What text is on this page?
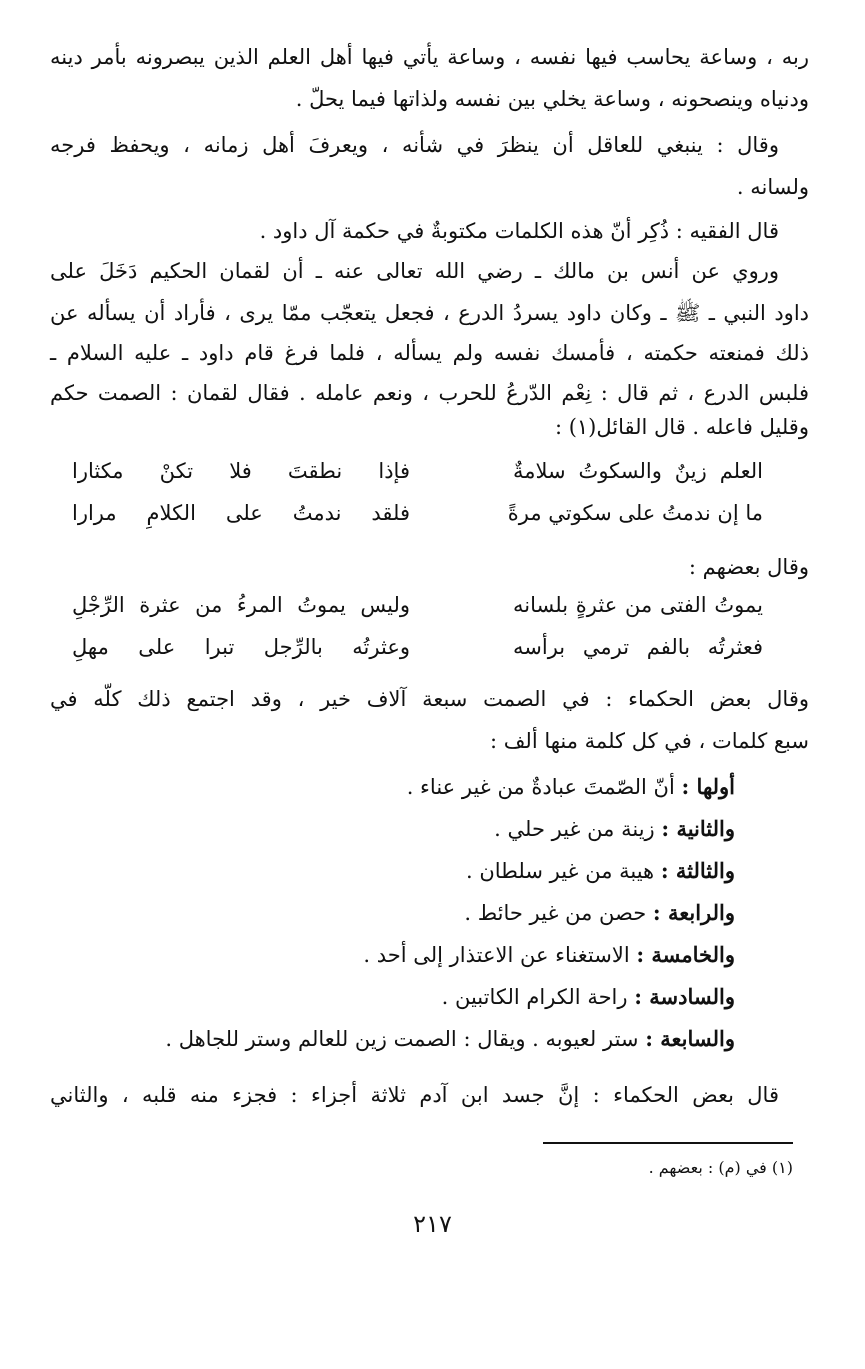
ربه ، وساعة يحاسب فيها نفسه ، وساعة يأتي فيها أهل العلم الذين يبصرونه بأمر دينه
ودنياه وينصحونه ، وساعة يخلي بين نفسه ولذاتها فيما يحلّ .
وقال : ينبغي للعاقل أن ينظرَ في شأنه ، ويعرفَ أهل زمانه ، ويحفظ فرجه
ولسانه .
قال الفقيه : ذُكِر أنّ هذه الكلمات مكتوبةٌ في حكمة آل داود .
وروي عن أنس بن مالك ـ رضي الله تعالى عنه ـ أن لقمان الحكيم دَخَلَ على
داود النبي ـ ﷺ ـ وكان داود يسردُ الدرع ، فجعل يتعجّب ممّا يرى ، فأراد أن يسأله عن
ذلك فمنعته حكمته ، فأمسك نفسه ولم يسأله ، فلما فرغ قام داود ـ عليه السلام ـ
فلبس الدرع ، ثم قال : نِعْم الدّرعُ للحرب ، ونعم عامله . فقال لقمان : الصمت حكم
وقليل فاعله . قال القائل(١) :
العلم زينٌ والسكوتُ سلامةٌ
فإذا نطقتَ فلا تكنْ مكثارا
ما إن ندمتُ على سكوتي مرةً
فلقد ندمتُ على الكلامِ مرارا
وقال بعضهم :
يموتُ الفتى من عثرةٍ بلسانه
وليس يموتُ المرءُ من عثرة الرِّجْلِ
فعثرتُه بالفم ترمي برأسه
وعثرتُه بالرِّجل تبرا على مهلِ
وقال بعض الحكماء : في الصمت سبعة آلاف خير ، وقد اجتمع ذلك كلّه في
سبع كلمات ، في كل كلمة منها ألف :
أولها : أنّ الصّمتَ عبادةٌ من غير عناء .
والثانية : زينة من غير حلي .
والثالثة : هيبة من غير سلطان .
والرابعة : حصن من غير حائط .
والخامسة : الاستغناء عن الاعتذار إلى أحد .
والسادسة : راحة الكرام الكاتبين .
والسابعة : ستر لعيوبه . ويقال : الصمت زين للعالم وستر للجاهل .
قال بعض الحكماء : إنَّ جسد ابن آدم ثلاثة أجزاء : فجزء منه قلبه ، والثاني
(١) في (م) : بعضهم .
٢١٧
